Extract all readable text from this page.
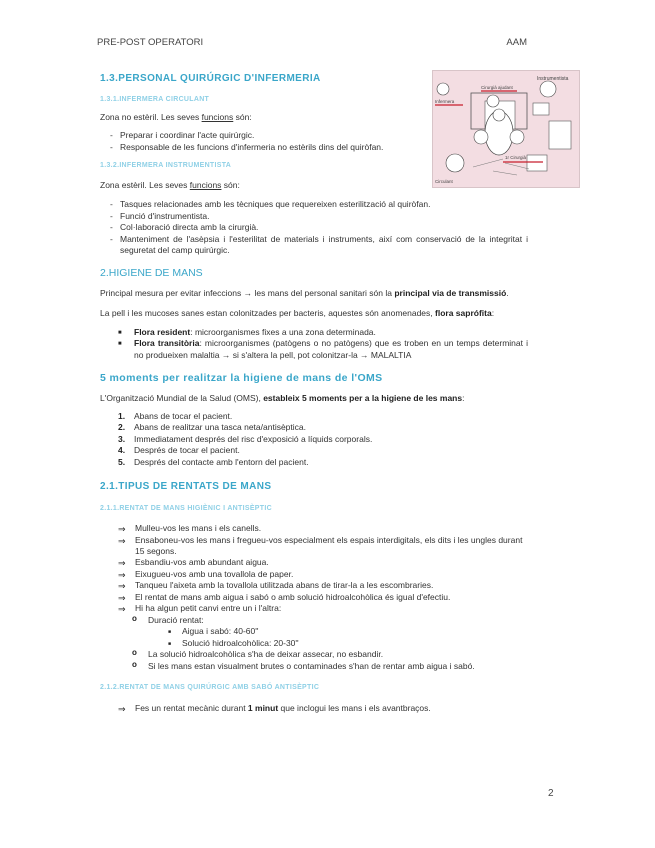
PRE-POST OPERATORI	AAM
Instrumentista
Cirurgià ajudant
Infermera
1r Cirurgià
Circulant
1.3.PERSONAL QUIRÚRGIC D'INFERMERIA
1.3.1.INFERMERA CIRCULANT

Zona no estèril. Les seves funcions són:

- Preparar i coordinar l'acte quirúrgic.
- Responsable de les funcions d'infermeria no estèrils dins del quiròfan.
1.3.2.INFERMERA INSTRUMENTISTA

Zona estèril. Les seves funcions són:

- Tasques relacionades amb les tècniques que requereixen esterilització al quiròfan.
- Funció d'instrumentista.
- Col·laboració directa amb la cirurgià.
- Manteniment de l'asèpsia i l'esterilitat de materials i instruments, així com conservació de la integritat i seguretat del camp quirúrgic.
2.HIGIENE DE MANS

Principal mesura per evitar infeccions → les mans del personal sanitari són la principal via de transmissió.

La pell i les mucoses sanes estan colonitzades per bacteris, aquestes són anomenades, flora saprófita:

■ Flora resident: microorganismes fixes a una zona determinada.
■ Flora transitòria: microorganismes (patògens o no patògens) que es troben en un temps determinat i no produeixen malaltia → si s'altera la pell, pot colonitzar-la → MALALTIA
5 moments per realitzar la higiene de mans de l'OMS

L'Organització Mundial de la Salud (OMS), estableix 5 moments per a la higiene de les mans:

1. Abans de tocar el pacient.
2. Abans de realitzar una tasca neta/antisèptica.
3. Immediatament després del risc d'exposició a líquids corporals.
4. Després de tocar el pacient.
5. Després del contacte amb l'entorn del pacient.
2.1.TIPUS DE RENTATS DE MANS
2.1.1.RENTAT DE MANS HIGIÈNIC I ANTISÈPTIC
⇒ Mulleu-vos les mans i els canells.
⇒ Ensaboneu-vos les mans i fregueu-vos especialment els espais interdigitals, els dits i les ungles durant 15 segons.
⇒ Esbandiu-vos amb abundant aigua.
⇒ Eixugueu-vos amb una tovallola de paper.
⇒ Tanqueu l'aixeta amb la tovallola utilitzada abans de tirar-la a les escombraries.
⇒ El rentat de mans amb aigua i sabó o amb solució hidroalcohòlica és igual d'efectiu.
⇒ Hi ha algun petit canvi entre un i l'altra:
o Duració rentat:
■ Aigua i sabó: 40-60''
■ Solució hidroalcohòlica: 20-30''
o La solució hidroalcohòlica s'ha de deixar assecar, no esbandir.
o Si les mans estan visualment brutes o contaminades s'han de rentar amb aigua i sabó.
2.1.2.RENTAT DE MANS QUIRÚRGIC AMB SABÓ ANTISÈPTIC
⇒ Fes un rentat mecànic durant 1 minut que inclogui les mans i els avantbraços.
2
